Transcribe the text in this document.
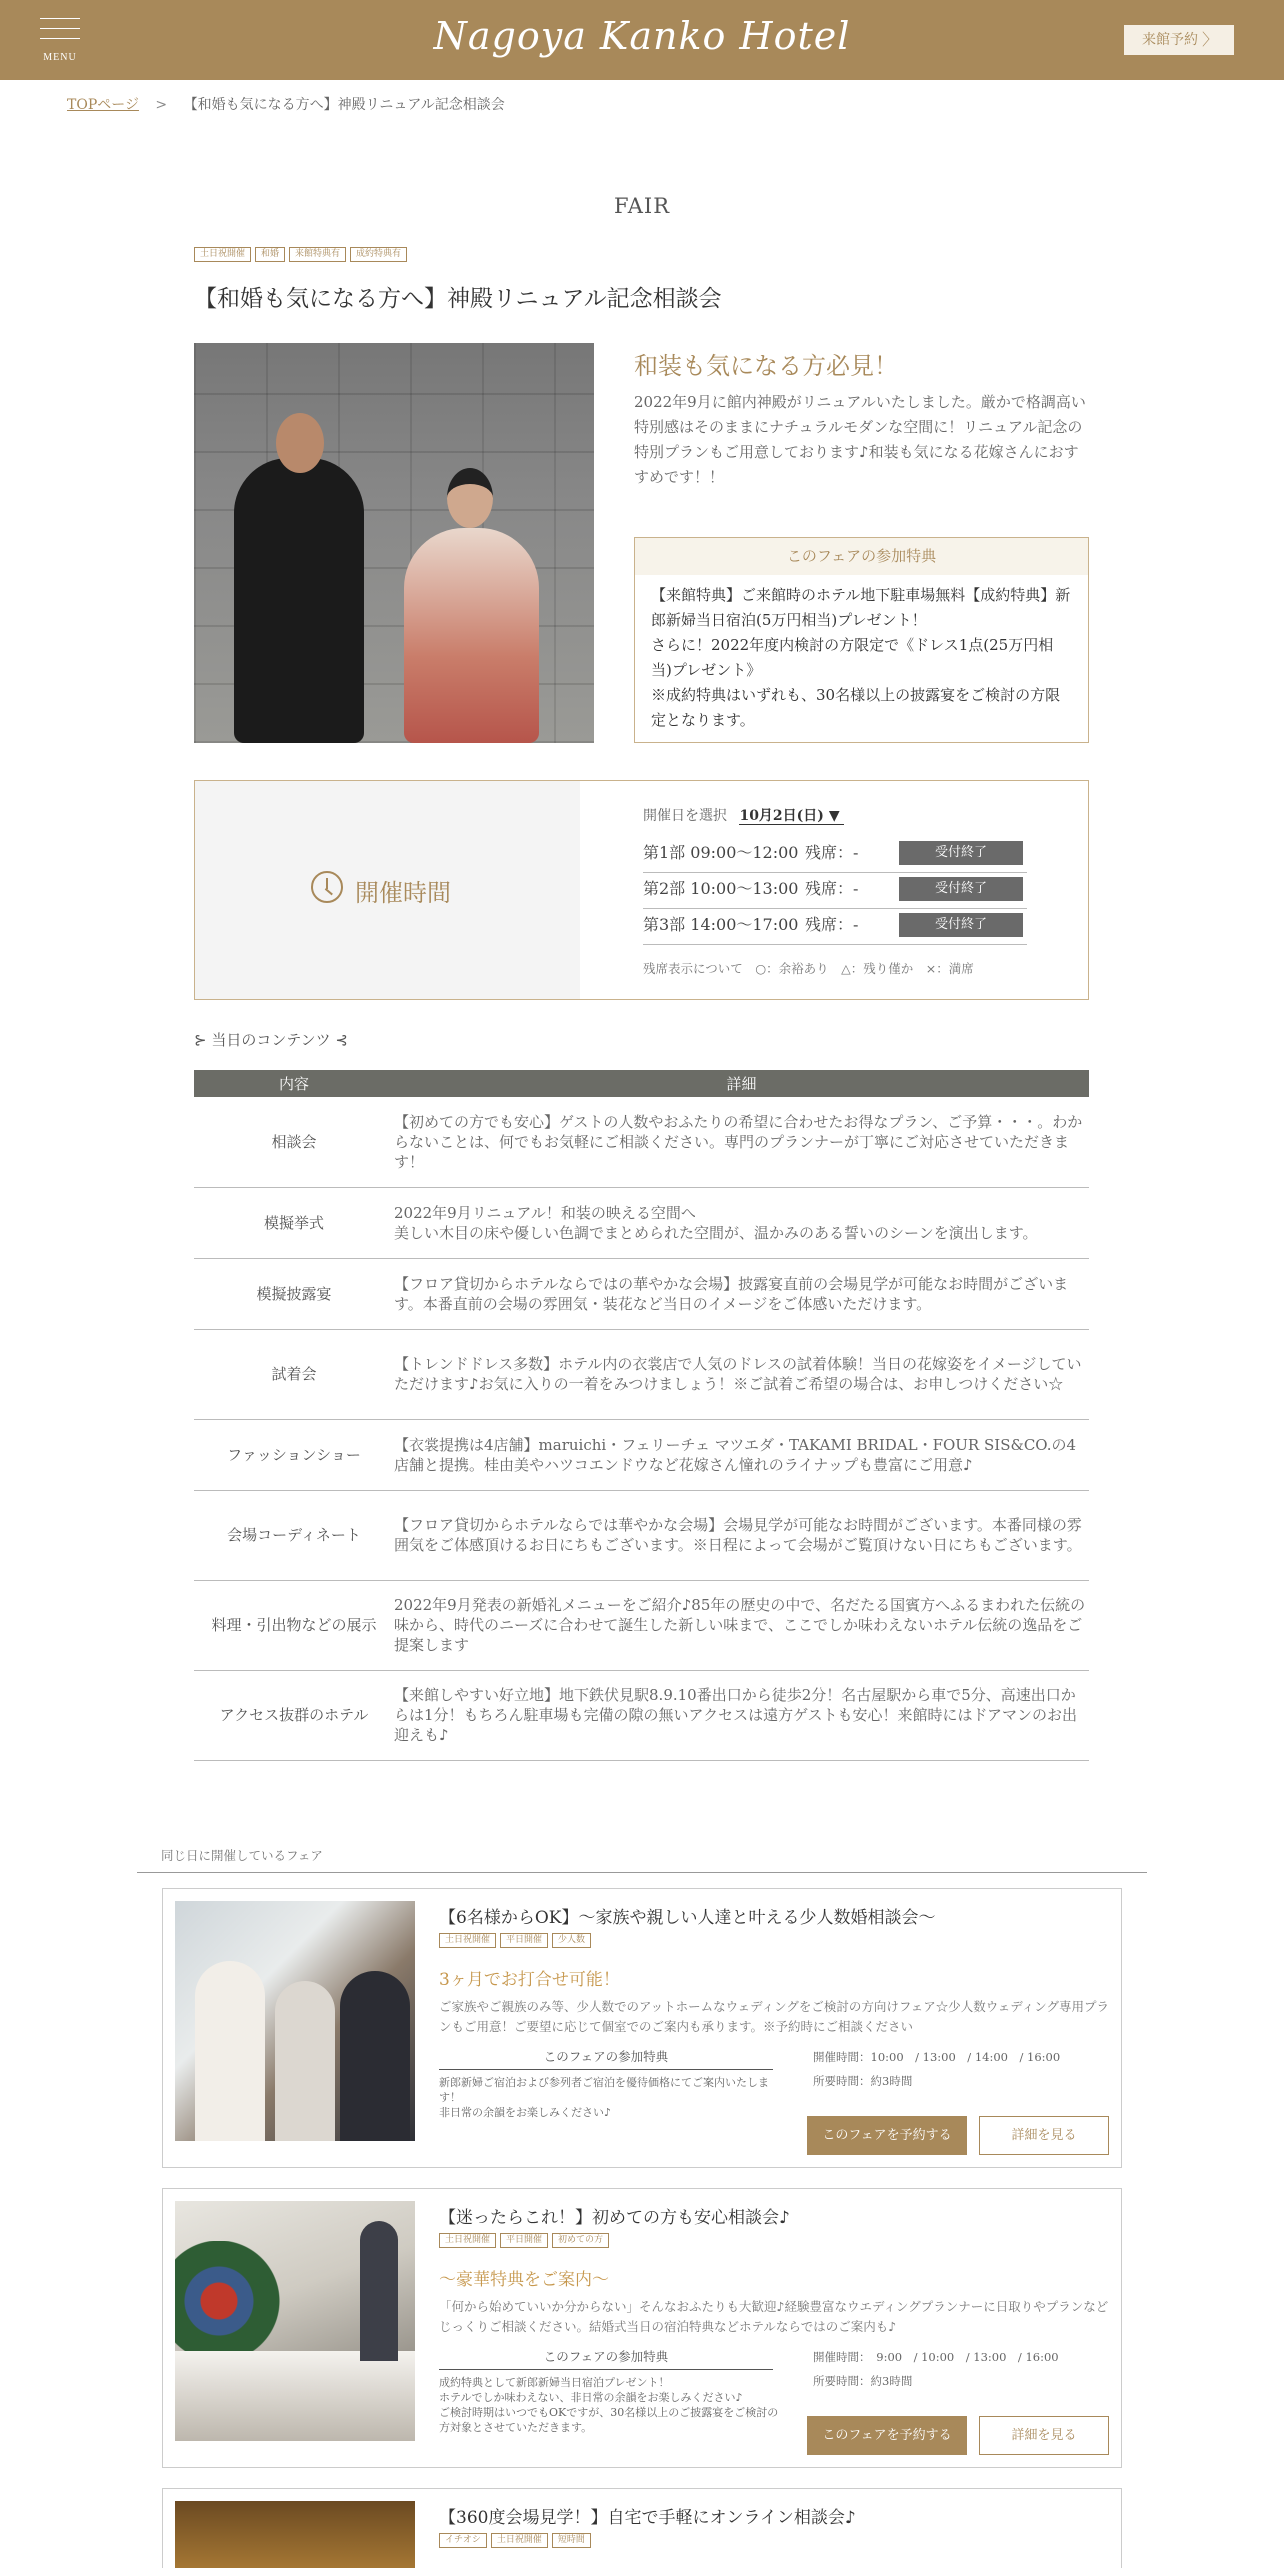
MENU	Nagoya Kanko Hotel	来館予約 〉
TOPページ > 【和婚も気になる方へ】神殿リニュアル記念相談会
FAIR
土日祝開催	和婚	来館特典有	成約特典有
【和婚も気になる方へ】神殿リニュアル記念相談会
和装も気になる方必見！
2022年9月に館内神殿がリニュアルいたしました。厳かで格調高い特別感はそのままにナチュラルモダンな空間に！リニュアル記念の特別プランもご用意しております♪和装も気になる花嫁さんにおすすめです！！
このフェアの参加特典
【来館特典】ご来館時のホテル地下駐車場無料【成約特典】新郎新婦当日宿泊(5万円相当)プレゼント！
さらに！2022年度内検討の方限定で《ドレス1点(25万円相当)プレゼント》
※成約特典はいずれも、30名様以上の披露宴をご検討の方限定となります。
開催時間
開催日を選択 10月2日(日) ▼
第1部 09:00〜12:00 残席：-	受付終了
第2部 10:00〜13:00 残席：-	受付終了
第3部 14:00〜17:00 残席：-	受付終了
残席表示について　○：余裕あり　△：残り僅か　×：満席
⊱ 当日のコンテンツ ⊰
内容	詳細
相談会	【初めての方でも安心】ゲストの人数やおふたりの希望に合わせたお得なプラン、ご予算・・・。わからないことは、何でもお気軽にご相談ください。専門のプランナーが丁寧にご対応させていただきます！
模擬挙式	2022年9月リニュアル！和装の映える空間へ
美しい木目の床や優しい色調でまとめられた空間が、温かみのある誓いのシーンを演出します。
模擬披露宴	【フロア貸切からホテルならではの華やかな会場】披露宴直前の会場見学が可能なお時間がございます。本番直前の会場の雰囲気・装花など当日のイメージをご体感いただけます。
試着会	【トレンドドレス多数】ホテル内の衣裳店で人気のドレスの試着体験！当日の花嫁姿をイメージしていただけます♪お気に入りの一着をみつけましょう！※ご試着ご希望の場合は、お申しつけください☆
ファッションショー	【衣裳提携は4店舗】maruichi・フェリーチェ マツエダ・TAKAMI BRIDAL・FOUR SIS&CO.の4店舗と提携。桂由美やハツコエンドウなど花嫁さん憧れのライナップも豊富にご用意♪
会場コーディネート	【フロア貸切からホテルならでは華やかな会場】会場見学が可能なお時間がございます。本番同様の雰囲気をご体感頂けるお日にちもございます。※日程によって会場がご覧頂けない日にちもございます。
料理・引出物などの展示	2022年9月発表の新婚礼メニューをご紹介♪85年の歴史の中で、名だたる国賓方へふるまわれた伝統の味から、時代のニーズに合わせて誕生した新しい味まで、ここでしか味わえないホテル伝統の逸品をご提案します
アクセス抜群のホテル	【来館しやすい好立地】地下鉄伏見駅8.9.10番出口から徒歩2分！名古屋駅から車で5分、高速出口からは1分！もちろん駐車場も完備の隙の無いアクセスは遠方ゲストも安心！来館時にはドアマンのお出迎えも♪
同じ日に開催しているフェア
【6名様からOK】〜家族や親しい人達と叶える少人数婚相談会〜
土日祝開催	平日開催	少人数
3ヶ月でお打合せ可能！
ご家族やご親族のみ等、少人数でのアットホームなウェディングをご検討の方向けフェア☆少人数ウェディング専用プランもご用意！ご要望に応じて個室でのご案内も承ります。※予約時にご相談ください
このフェアの参加特典
新郎新婦ご宿泊および参列者ご宿泊を優待価格にてご案内いたします！
非日常の余韻をお楽しみください♪
開催時間：10:00　/ 13:00　/ 14:00　/ 16:00
所要時間：約3時間
このフェアを予約する	詳細を見る
【迷ったらこれ！】初めての方も安心相談会♪
土日祝開催	平日開催	初めての方
〜豪華特典をご案内〜
「何から始めていいか分からない」そんなおふたりも大歓迎♪経験豊富なウエディングプランナーに日取りやプランなどじっくりご相談ください。結婚式当日の宿泊特典などホテルならではのご案内も♪
このフェアの参加特典
成約特典として新郎新婦当日宿泊プレゼント！
ホテルでしか味わえない、非日常の余韻をお楽しみください♪
ご検討時期はいつでもOKですが、30名様以上のご披露宴をご検討の方対象とさせていただきます。
開催時間：　9:00　/ 10:00　/ 13:00　/ 16:00
所要時間：約3時間
このフェアを予約する	詳細を見る
【360度会場見学！】自宅で手軽にオンライン相談会♪
イチオシ	土日祝開催	短時間
